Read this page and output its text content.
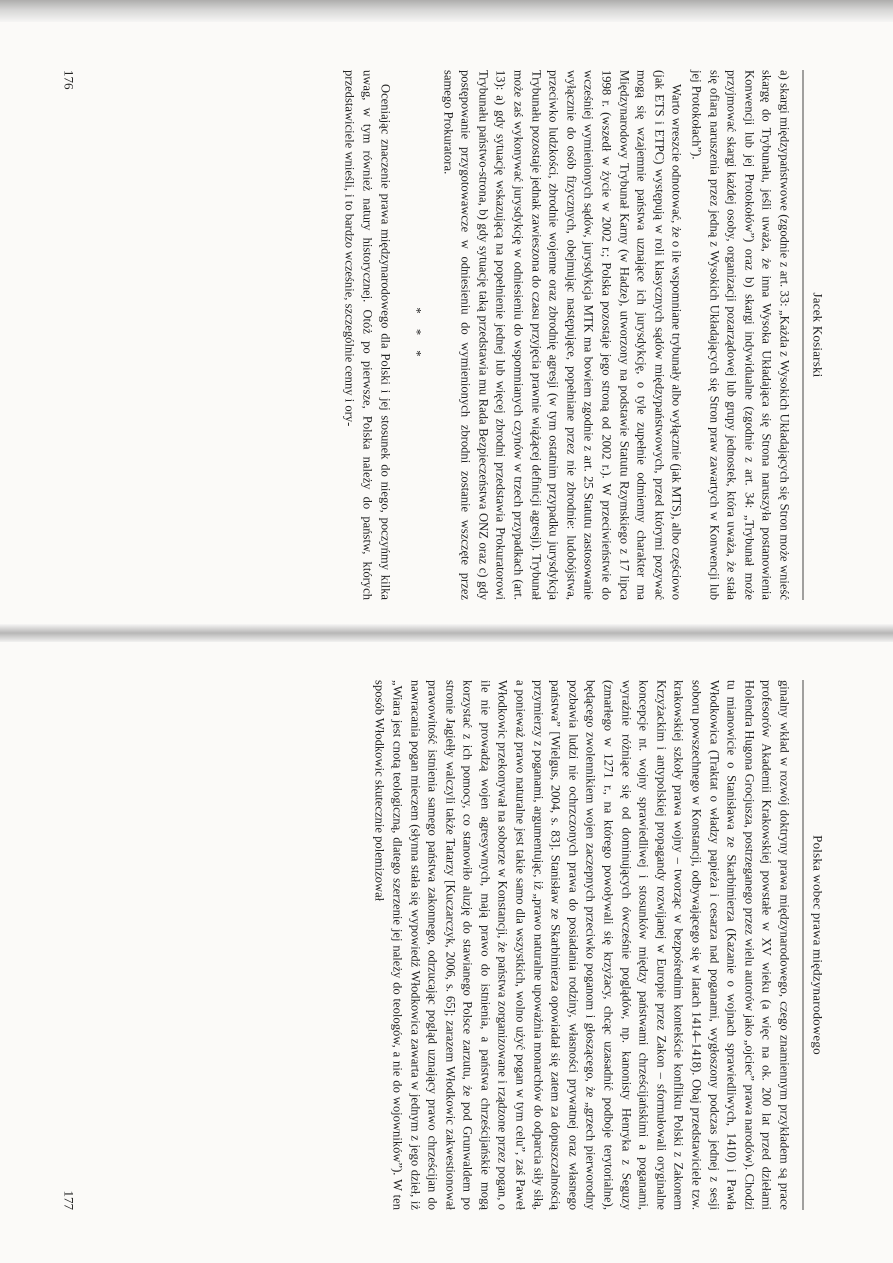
Jacek Kosiarski

a) skargi międzypaństwowe (zgodnie z art. 33: „Każda z Wysokich Układających się Stron może wnieść skargę do Trybunału, jeśli uważa, że inna Wysoka Układająca się Strona naruszyła postanowienia Konwencji lub jej Protokołów”) oraz b) skargi indywidualne (zgodnie z art. 34: „Trybunał może przyjmować skargi każdej osoby, organizacji pozarządowej lub grupy jednostek, która uważa, że stała się ofiarą naruszenia przez jedną z Wysokich Układających się Stron praw zawartych w Konwencji lub jej Protokołach”).

Warto wreszcie odnotować, że o ile wspomniane trybunały albo wyłącznie (jak MTS), albo częściowo (jak ETS i ETPC) występują w roli klasycznych sądów międzypaństwowych, przed którymi pozywać mogą się wzajemnie państwa uznające ich jurysdykcję, o tyle zupełnie odmienny charakter ma Międzynarodowy Trybunał Karny (w Hadze), utworzony na podstawie Statutu Rzymskiego z 17 lipca 1998 r. (wszedł w życie w 2002 r.; Polska pozostaje jego stroną od 2002 r.). W przeciwieństwie do wcześniej wymienionych sądów, jurysdykcja MTK ma bowiem zgodnie z art. 25 Statutu zastosowanie wyłącznie do osób fizycznych, obejmując następujące, popełniane przez nie zbrodnie: ludobójstwa, przeciwko ludzkości, zbrodnie wojenne oraz zbrodnię agresji (w tym ostatnim przypadku jurysdykcja Trybunału pozostaje jednak zawieszona do czasu przyjęcia prawnie wiążącej definicji agresji). Trybunał może zaś wykonywać jurysdykcję w odniesieniu do wspomnianych czynów w trzech przypadkach (art. 13): a) gdy sytuację wskazującą na popełnienie jednej lub więcej zbrodni przedstawia Prokuratorowi Trybunału państwo-strona, b) gdy sytuację taką przedstawia mu Rada Bezpieczeństwa ONZ oraz c) gdy postępowanie przygotowawcze w odniesieniu do wymienionych zbrodni zostanie wszczęte przez samego Prokuratora.

* * *

Oceniając znaczenie prawa międzynarodowego dla Polski i jej stosunek do niego, poczyńmy kilka uwag, w tym również natury historycznej. Otóż po pierwsze, Polska należy do państw, których przedstawiciele wnieśli, i to bardzo wcześnie, szczególnie cenny i ory-

176
Polska wobec prawa międzynarodowego

ginalny wkład w rozwój doktryny prawa międzynarodowego, czego znamiennym przykładem są prace profesorów Akademii Krakowskiej powstałe w XV wieku (a więc na ok. 200 lat przed dziełami Holendra Hugona Grocjusza, postrzeganego przez wielu autorów jako „ojciec” prawa narodów). Chodzi tu mianowicie o Stanisława ze Skarbimierza (Kazanie o wojnach sprawiedliwych, 1410) i Pawła Włodkowica (Traktat o władzy papieża i cesarza nad poganami, wygłoszony podczas jednej z sesji soboru powszechnego w Konstancji, odbywającego się w latach 1414–1418). Obaj przedstawiciele tzw. krakowskiej szkoły prawa wojny – tworząc w bezpośrednim kontekście konfliktu Polski z Zakonem Krzyżackim i antypolskiej propagandy rozwijanej w Europie przez Zakon – sformułowali oryginalne koncepcje nt. wojny sprawiedliwej i stosunków między państwami chrześcijańskimi a poganami, wyraźnie różniące się od dominujących ówcześnie poglądów, np. kanonisty Henryka z Seguzy (zmarłego w 1271 r., na którego powoływali się krzyżacy, chcąc uzasadnić podboje terytorialne), będącego zwolennikiem wojen zaczepnych przeciwko poganom i głoszącego, że „grzech pierworodny pozbawia ludzi nie ochrzczonych prawa do posiadania rodziny, własności prywatnej oraz własnego państwa” [Wielgus, 2004, s. 83]. Stanisław ze Skarbimierza opowiadał się zatem za dopuszczalnością przymierzy z poganami, argumentując, iż „prawo naturalne upoważnia monarchów do odparcia siły siłą, a ponieważ prawo naturalne jest takie samo dla wszystkich, wolno użyć pogan w tym celu”, zaś Paweł Włodkowic przekonywał na soborze w Konstancji, że państwa zorganizowane i rządzone przez pogan, o ile nie prowadzą wojen agresywnych, mają prawo do istnienia, a państwa chrześcijańskie mogą korzystać z ich pomocy, co stanowiło aluzję do stawianego Polsce zarzutu, że pod Grunwaldem po stronie Jagiełły walczyli także Tatarzy [Kuczarczyk, 2006, s. 65]; zarazem Włodkowic zakwestionował prawowitość istnienia samego państwa zakonnego, odrzucając pogląd uznający prawo chrześcijan do nawracania pogan mieczem (słynna stała się wypowiedź Włodkowica zawarta w jednym z jego dzieł, iż „Wiara jest cnotą teologiczną, dlatego szerzenie jej należy do teologów, a nie do wojowników”). W ten sposób Włodkowic skutecznie polemizował

177
